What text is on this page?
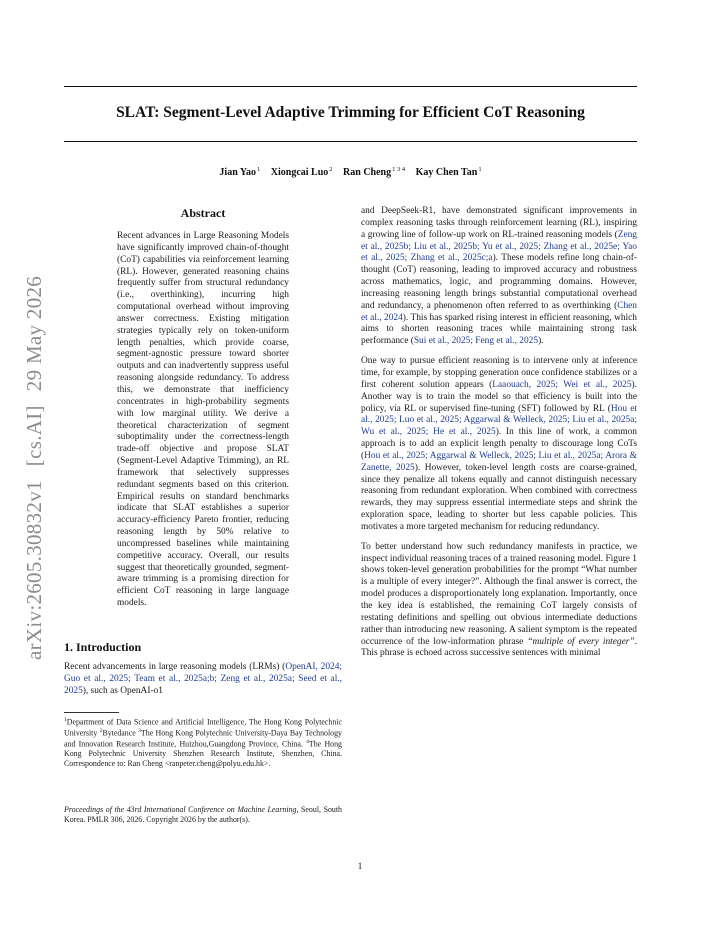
arXiv:2605.30832v1[cs.AI]29 May 2026
SLAT: Segment-Level Adaptive Trimming for Efficient CoT Reasoning
Jian Yao$^1$ Xiongcai Luo$^2$ Ran Cheng$^{1 3 4}$ Kay Chen Tan$^1$
Abstract

Recent advances in Large Reasoning Models have significantly improved chain-of-thought (CoT) capabilities via reinforcement learning (RL). However, generated reasoning chains frequently suffer from structural redundancy (i.e., overthinking), incurring high computational overhead without improving answer correctness. Existing mitigation strategies typically rely on token-uniform length penalties, which provide coarse, segment-agnostic pressure toward shorter outputs and can inadvertently suppress useful reasoning alongside redundancy. To address this, we demonstrate that inefficiency concentrates in high-probability segments with low marginal utility. We derive a theoretical characterization of segment suboptimality under the correctness-length trade-off objective and propose SLAT (Segment-Level Adaptive Trimming), an RL framework that selectively suppresses redundant segments based on this criterion. Empirical results on standard benchmarks indicate that SLAT establishes a superior accuracy-efficiency Pareto frontier, reducing reasoning length by 50% relative to uncompressed baselines while maintaining competitive accuracy. Overall, our results suggest that theoretically grounded, segment-aware trimming is a promising direction for efficient CoT reasoning in large language models.

1. Introduction

Recent advancements in large reasoning models (LRMs) (OpenAI, 2024; Guo et al., 2025; Team et al., 2025a;b; Zeng et al., 2025a; Seed et al., 2025), such as OpenAI-o1

$^1$Department of Data Science and Artificial Intelligence, The Hong Kong Polytechnic University $^2$Bytedance $^3$The Hong Kong Polytechnic University-Daya Bay Technology and Innovation Research Institute, Huizhou,Guangdong Province, China. $^4$The Hong Kong Polytechnic University Shenzhen Research Institute, Shenzhen, China. Correspondence to: Ran Cheng <ranpeter.cheng@polyu.edu.hk>.

Proceedings of the 43rd International Conference on Machine Learning, Seoul, South Korea. PMLR 306, 2026. Copyright 2026 by the author(s).

and DeepSeek-R1, have demonstrated significant improvements in complex reasoning tasks through reinforcement learning (RL), inspiring a growing line of follow-up work on RL-trained reasoning models (Zeng et al., 2025b; Liu et al., 2025b; Yu et al., 2025; Zhang et al., 2025e; Yao et al., 2025; Zhang et al., 2025c;a). These models refine long chain-of-thought (CoT) reasoning, leading to improved accuracy and robustness across mathematics, logic, and programming domains. However, increasing reasoning length brings substantial computational overhead and redundancy, a phenomenon often referred to as overthinking (Chen et al., 2024). This has sparked rising interest in efficient reasoning, which aims to shorten reasoning traces while maintaining strong task performance (Sui et al., 2025; Feng et al., 2025).

One way to pursue efficient reasoning is to intervene only at inference time, for example, by stopping generation once confidence stabilizes or a first coherent solution appears (Laaouach, 2025; Wei et al., 2025). Another way is to train the model so that efficiency is built into the policy, via RL or supervised fine-tuning (SFT) followed by RL (Hou et al., 2025; Luo et al., 2025; Aggarwal & Welleck, 2025; Liu et al., 2025a; Wu et al., 2025; He et al., 2025). In this line of work, a common approach is to add an explicit length penalty to discourage long CoTs (Hou et al., 2025; Aggarwal & Welleck, 2025; Liu et al., 2025a; Arora & Zanette, 2025). However, token-level length costs are coarse-grained, since they penalize all tokens equally and cannot distinguish necessary reasoning from redundant exploration. When combined with correctness rewards, they may suppress essential intermediate steps and shrink the exploration space, leading to shorter but less capable policies. This motivates a more targeted mechanism for reducing redundancy.

To better understand how such redundancy manifests in practice, we inspect individual reasoning traces of a trained reasoning model. Figure 1 shows token-level generation probabilities for the prompt “What number is a multiple of every integer?”. Although the final answer is correct, the model produces a disproportionately long explanation. Importantly, once the key idea is established, the remaining CoT largely consists of restating definitions and spelling out obvious intermediate deductions rather than introducing new reasoning. A salient symptom is the repeated occurrence of the low-information phrase “multiple of every integer”. This phrase is echoed across successive sentences with minimal

1
